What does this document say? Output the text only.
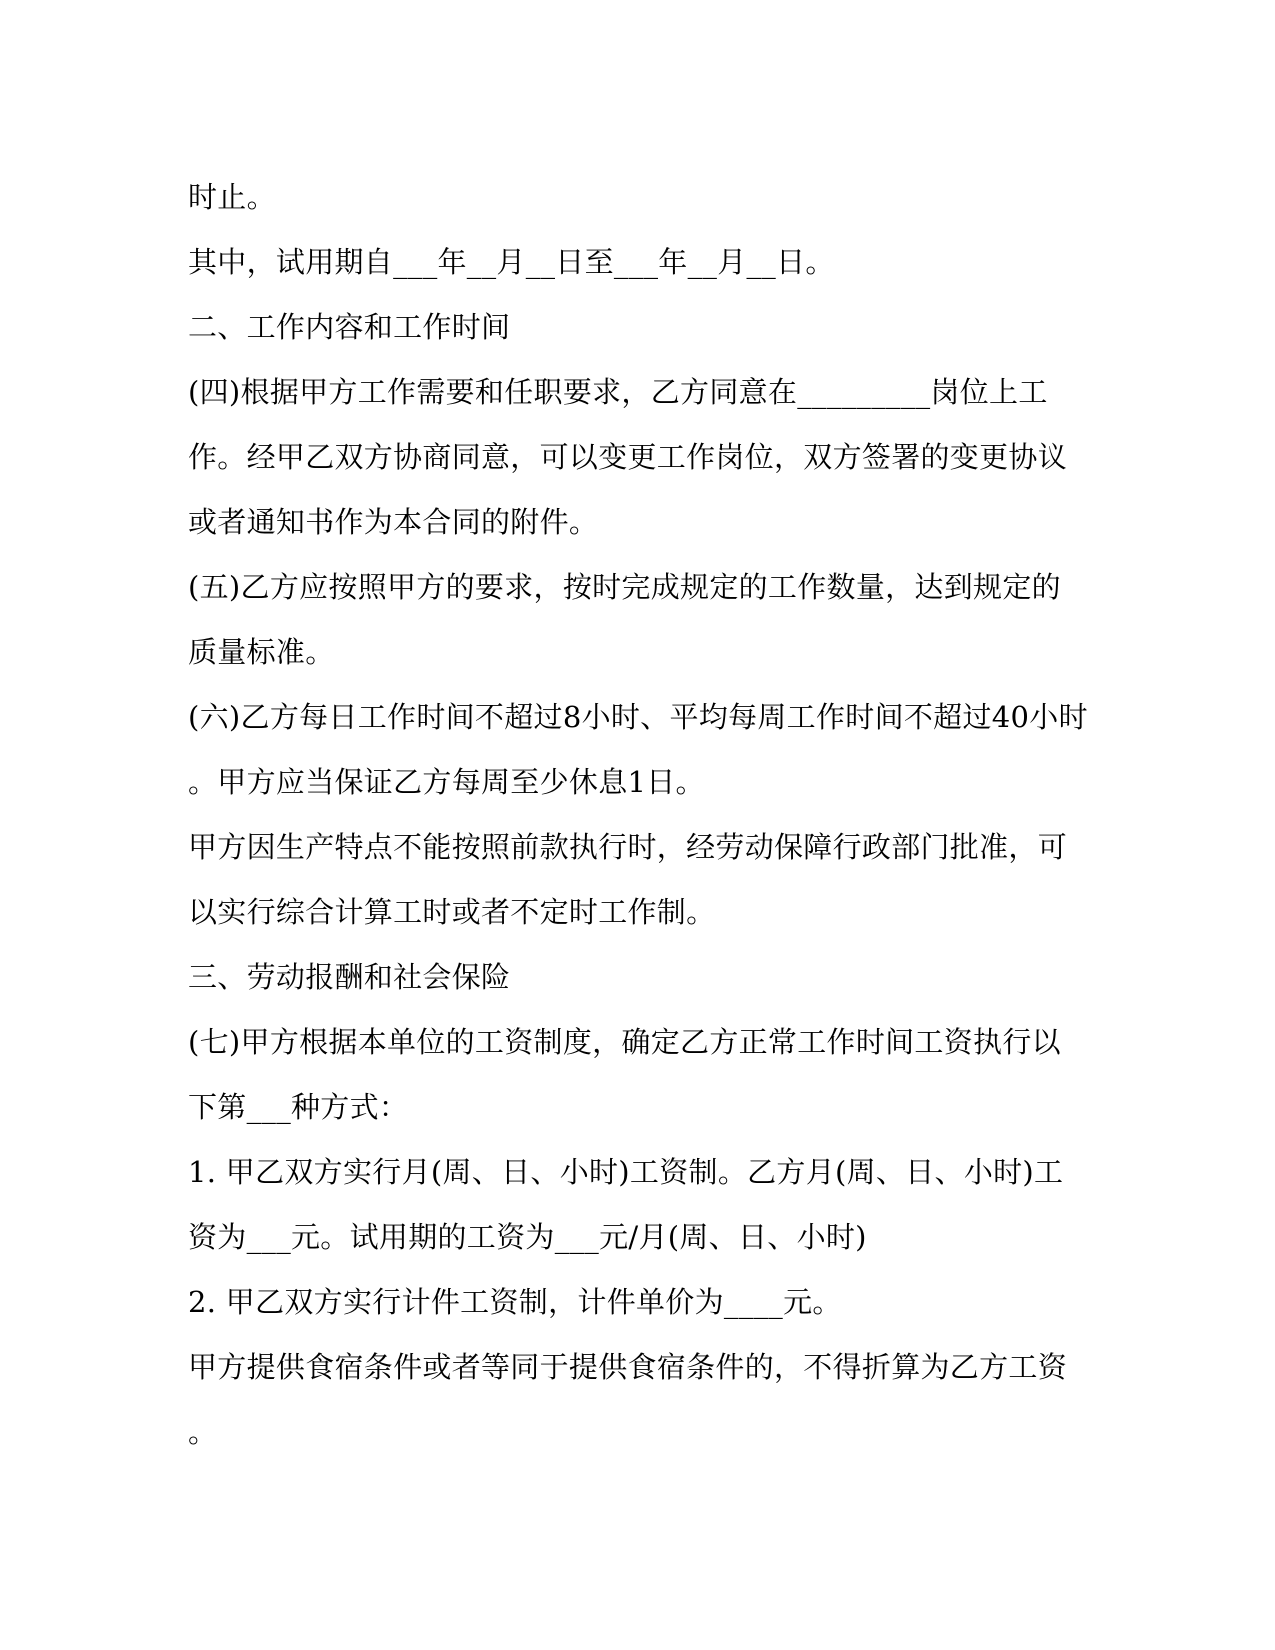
时止。
其中，试用期自___年__月__日至___年__月__日。
二、工作内容和工作时间
(四)根据甲方工作需要和任职要求，乙方同意在_________岗位上工
作。经甲乙双方协商同意，可以变更工作岗位，双方签署的变更协议
或者通知书作为本合同的附件。
(五)乙方应按照甲方的要求，按时完成规定的工作数量，达到规定的
质量标准。
(六)乙方每日工作时间不超过8小时、平均每周工作时间不超过40小时
。甲方应当保证乙方每周至少休息1日。
甲方因生产特点不能按照前款执行时，经劳动保障行政部门批准，可
以实行综合计算工时或者不定时工作制。
三、劳动报酬和社会保险
(七)甲方根据本单位的工资制度，确定乙方正常工作时间工资执行以
下第___种方式：
1. 甲乙双方实行月(周、日、小时)工资制。乙方月(周、日、小时)工
资为___元。试用期的工资为___元/月(周、日、小时)
2. 甲乙双方实行计件工资制，计件单价为____元。
甲方提供食宿条件或者等同于提供食宿条件的，不得折算为乙方工资
。
